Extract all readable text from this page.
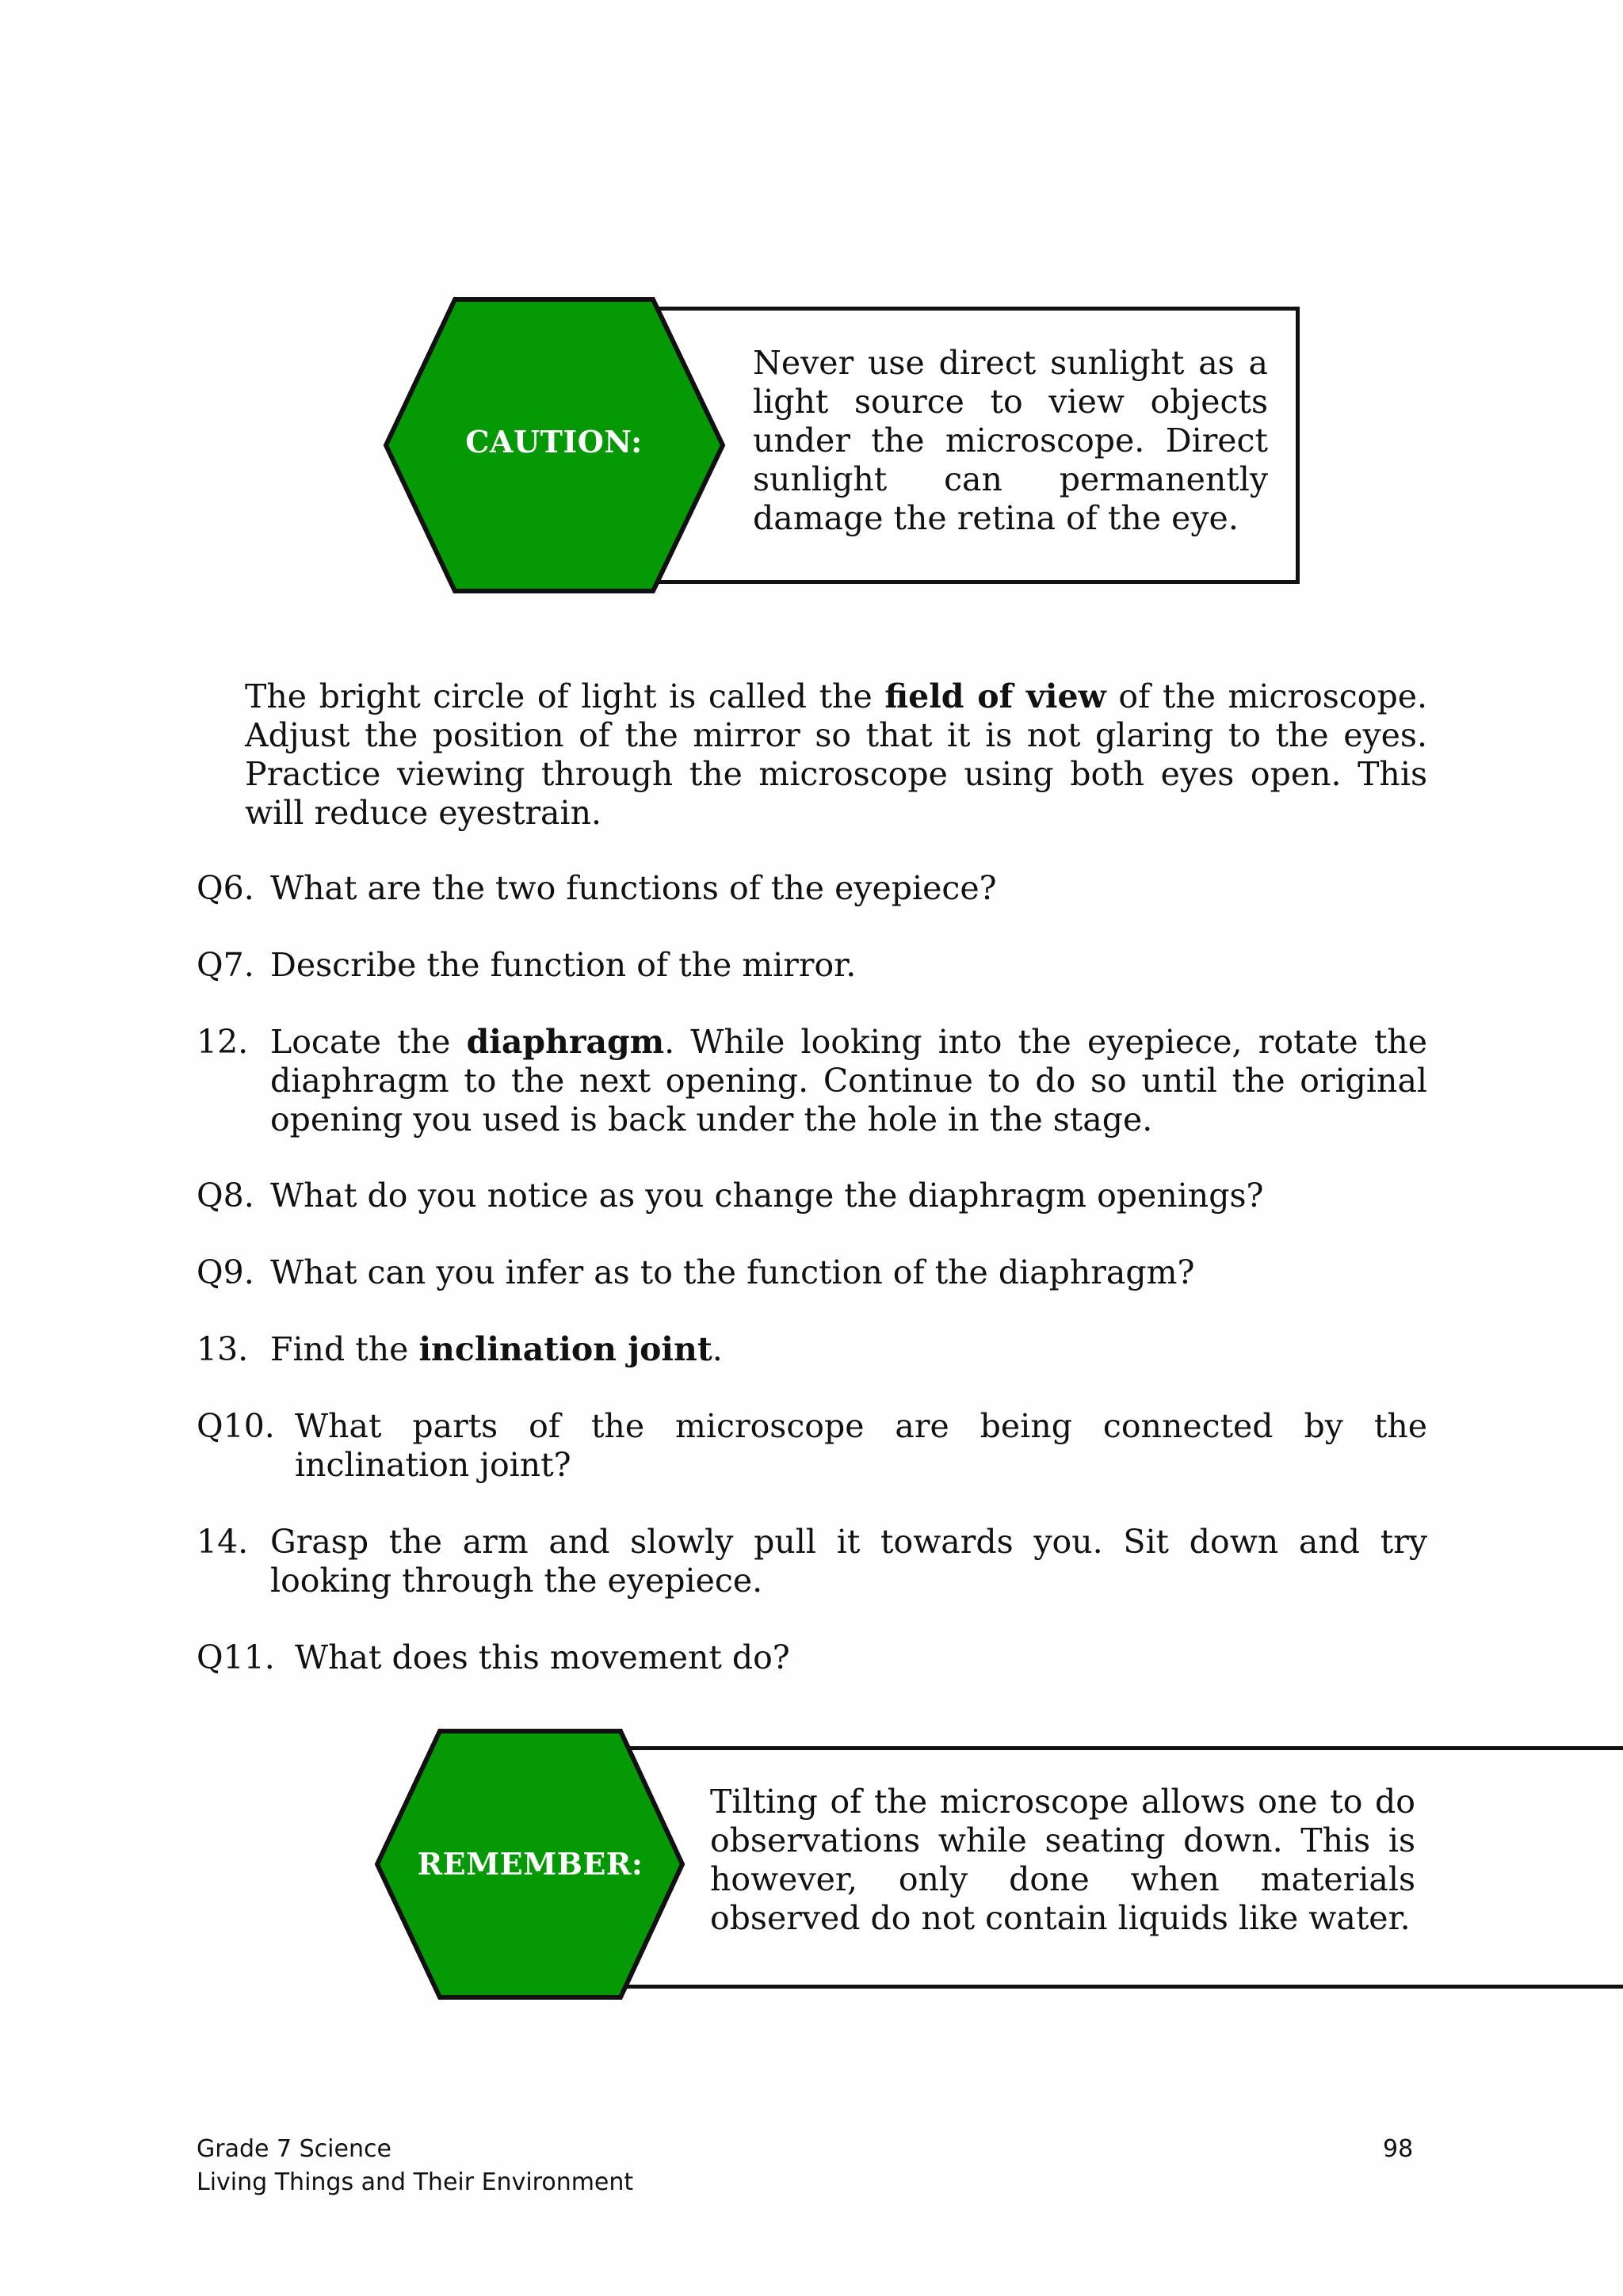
CAUTION:
Never use direct sunlight as a light source to view objects under the microscope. Direct sunlight can permanently damage the retina of the eye.
The bright circle of light is called the field of view of the microscope. Adjust the position of the mirror so that it is not glaring to the eyes. Practice viewing through the microscope using both eyes open. This will reduce eyestrain.
Q6. What are the two functions of the eyepiece?
Q7. Describe the function of the mirror.
12. Locate the diaphragm. While looking into the eyepiece, rotate the diaphragm to the next opening. Continue to do so until the original opening you used is back under the hole in the stage.
Q8. What do you notice as you change the diaphragm openings?
Q9. What can you infer as to the function of the diaphragm?
13. Find the inclination joint.
Q10. What parts of the microscope are being connected by the inclination joint?
14. Grasp the arm and slowly pull it towards you. Sit down and try looking through the eyepiece.
Q11. What does this movement do?
REMEMBER:
Tilting of the microscope allows one to do observations while seating down. This is however, only done when materials observed do not contain liquids like water.
Grade 7 Science
Living Things and Their Environment
98
